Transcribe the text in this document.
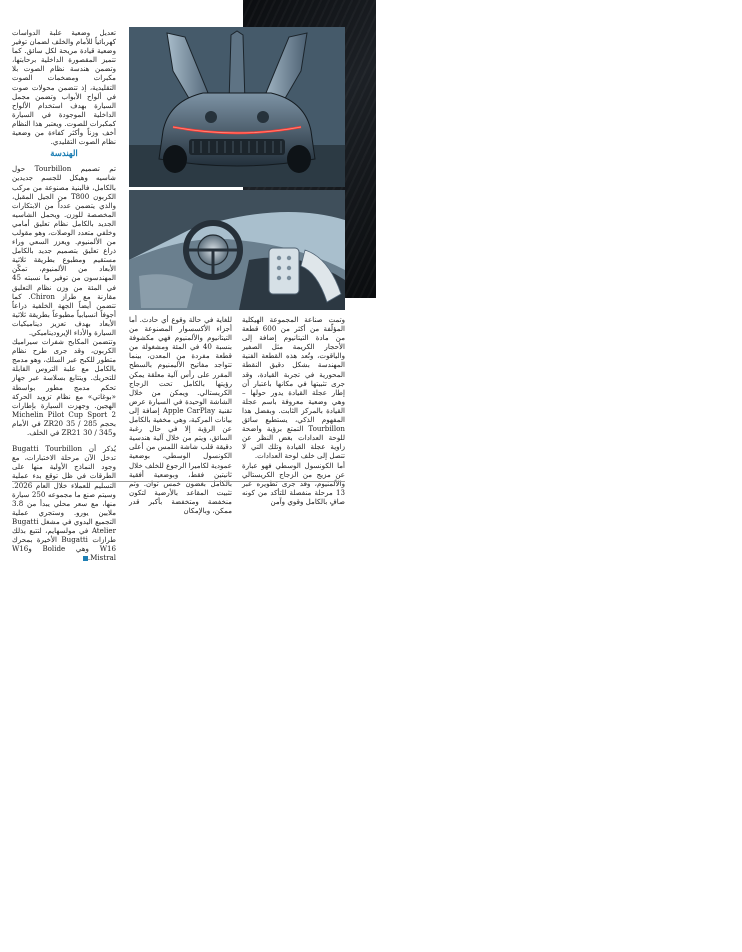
تعديل وضعية علبة الدواسات كهربائياً للأمام والخلف لضمان توفير وضعية قيادة مريحة لكل سائق. كما تتميز المقصورة الداخلية برحابتها، وتضمن هندسة نظام الصوت بلا مكبرات ومضخمات الصوت التقليدية، إذ تتضمن محولات صوت في ألواح الأبواب وتضمن مجمل السيارة بهدف استخدام الألواح الداخلية الموجودة في السيارة كمكبرات للصوت. ويعتبر هذا النظام أخف وزناً وأكثر كفاءة من وضعية نظام الصوت التقليدي.

الهندسة

تم تصميم Tourbillon حول شاسيه وهيكل للجسم جديدين بالكامل، فالبنية مصنوعة من مركب الكربون T800 من الجيل المقبل، والذي يتضمن عدداً من الابتكارات المخصصة للوزن. ويحمل الشاسيه الجديد بالكامل نظام تعليق أمامي وخلفي متعدد الوصلات، وهو مقولب من الألمنيوم. ويعزز السعي وراء ذراع تعليق بتصميم جديد بالكامل مستقيم ومطبوع بطريقة ثلاثية الأبعاد من الألمنيوم، تمكّن المهندسون من توفير ما نسبته 45 في المئة من وزن نظام التعليق مقارنة مع طراز Chiron. كما تتضمن أيضاً الجهة الخلفية ذراعاً أجوفاً انسيابياً مطبوعاً بطريقة ثلاثية الأبعاد بهدف تعزيز ديناميكيات السيارة والأداء الإيروديناميكي.

وتتضمن المكابح شفرات سيراميك الكربون، وقد جرى طرح نظام متطور للكبح عبر السلك، وهو مدمج بالكامل مع علبة التروس القابلة للتحريك. ويتتابع بسلاسة عبر جهاز تحكم مدمج مطور بواسطة «بوغاتي» مع نظام تزويد الحركة الهجين. وجهزت السيارة بإطارات Michelin Pilot Cup Sport 2 بحجم 285 / 35 ZR20 في الأمام و345 / 30 ZR21 في الخلف.

يُذكر أن Bugatti Tourbillon تدخل الآن مرحلة الاختبارات، مع وجود النماذج الأولية منها على الطرقات في ظل توقع بدء عملية التسليم للعملاء خلال العام 2026. وسيتم صنع ما مجموعه 250 سيارة منها، مع سعر محلي يبدأ من 3.8 ملايين يورو. وستجري عملية التجميع اليدوي في مشغل Bugatti Atelier في مولسهايم، لتتبع بذلك طرازات Bugatti الأخيرة بمحرك W16 وهي Bolide وW16 Mistral.

للغاية في حالة وقوع أي حادث. أما أجزاء الأكسسوار المصنوعة من التيتانيوم والألمنيوم فهي مكشوفة بنسبة 40 في المئة ومشغولة من قطعة مفردة من المعدن، بينما تتواجد مفاتيح الأليمنيوم بالسطح المقرر على رأس آلية معلقة يمكن رؤيتها بالكامل تحت الزجاج الكريستالي. ويمكن من خلال الشاشة الوحيدة في السيارة عرض تقنية Apple CarPlay إضافة إلى بيانات المركبة، وهي مخفية بالكامل عن الرؤية إلا في حال رغبة السائق، ويتم من خلال آلية هندسية دقيقة قلب شاشة اللمس من أعلى الكونسول الوسطي، بوضعية عمودية لكاميرا الرجوع للخلف خلال ثانيتين فقط، وبوضعية أفقية بالكامل بغضون خمس ثوان. وتم تثبيت المقاعد بالأرضية لتكون منخفضة ومتخفضة بأكبر قدر ممكن، وبالإمكان

وتمت صناعة المجموعة الهيكلية المؤلّفة من أكثر من 600 قطعة من مادة التيتانيوم إضافة إلى الأحجار الكريمة مثل الصفير والياقوت، وتُعد هذه القطعة الفنية المهندسة بشكل دقيق النقطة المحورية في تجربة القيادة، وقد جرى تثبيتها في مكانها باعتبار أن إطار عجلة القيادة يدور حولها – وهي وضعية معروفة باسم عجلة القيادة بالمركز الثابت. وبفضل هذا المفهوم الذكي، يستطيع سائق Tourbillon التمتع برؤية واضحة للوحة العدادات بغض النظر عن زاوية عجلة القيادة وتلك التي لا تتصل إلى خلف لوحة العدادات.

أما الكونسول الوسطي فهو عبارة عن مزيج من الزجاج الكريستالي والألمنيوم، وقد جرى تطويره عبر 13 مرحلة منفصلة للتأكد من كونه صافٍ بالكامل وقوي وآمن
